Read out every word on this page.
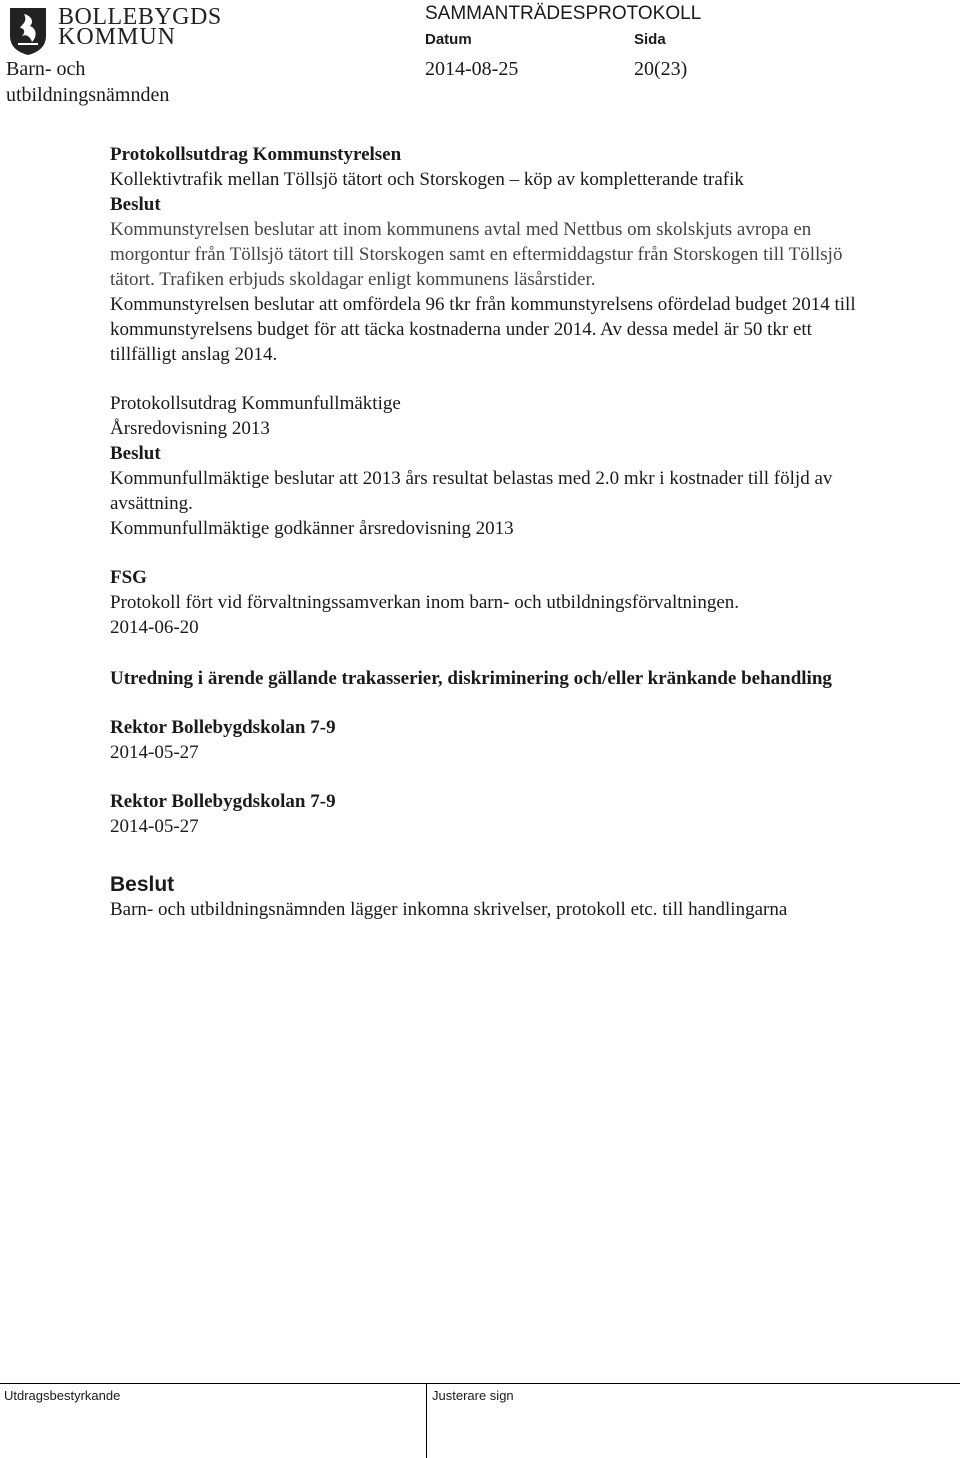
BOLLEBYGDS
KOMMUN
Barn- och
utbildningsnämnden
SAMMANTRÄDESPROTOKOLL
Datum	Sida
2014-08-25	20(23)

Protokollsutdrag Kommunstyrelsen

Kollektivtrafik mellan Töllsjö tätort och Storskogen – köp av kompletterande trafik

Beslut

Kommunstyrelsen beslutar att inom kommunens avtal med Nettbus om skolskjuts avropa en morgontur från Töllsjö tätort till Storskogen samt en eftermiddagstur från Storskogen till Töllsjö tätort. Trafiken erbjuds skoldagar enligt kommunens läsårstider.

Kommunstyrelsen beslutar att omfördela 96 tkr från kommunstyrelsens ofördelad budget 2014 till kommunstyrelsens budget för att täcka kostnaderna under 2014. Av dessa medel är 50 tkr ett tillfälligt anslag 2014.

Protokollsutdrag Kommunfullmäktige

Årsredovisning 2013

Beslut

Kommunfullmäktige beslutar att 2013 års resultat belastas med 2.0 mkr i kostnader till följd av avsättning.

Kommunfullmäktige godkänner årsredovisning 2013

FSG

Protokoll fört vid förvaltningssamverkan inom barn- och utbildningsförvaltningen.

2014-06-20

Utredning i ärende gällande trakasserier, diskriminering och/eller kränkande behandling

Rektor Bollebygdskolan 7-9

2014-05-27

Rektor Bollebygdskolan 7-9

2014-05-27

Beslut

Barn- och utbildningsnämnden lägger inkomna skrivelser, protokoll etc. till handlingarna

Utdragsbestyrkande	Justerare sign
